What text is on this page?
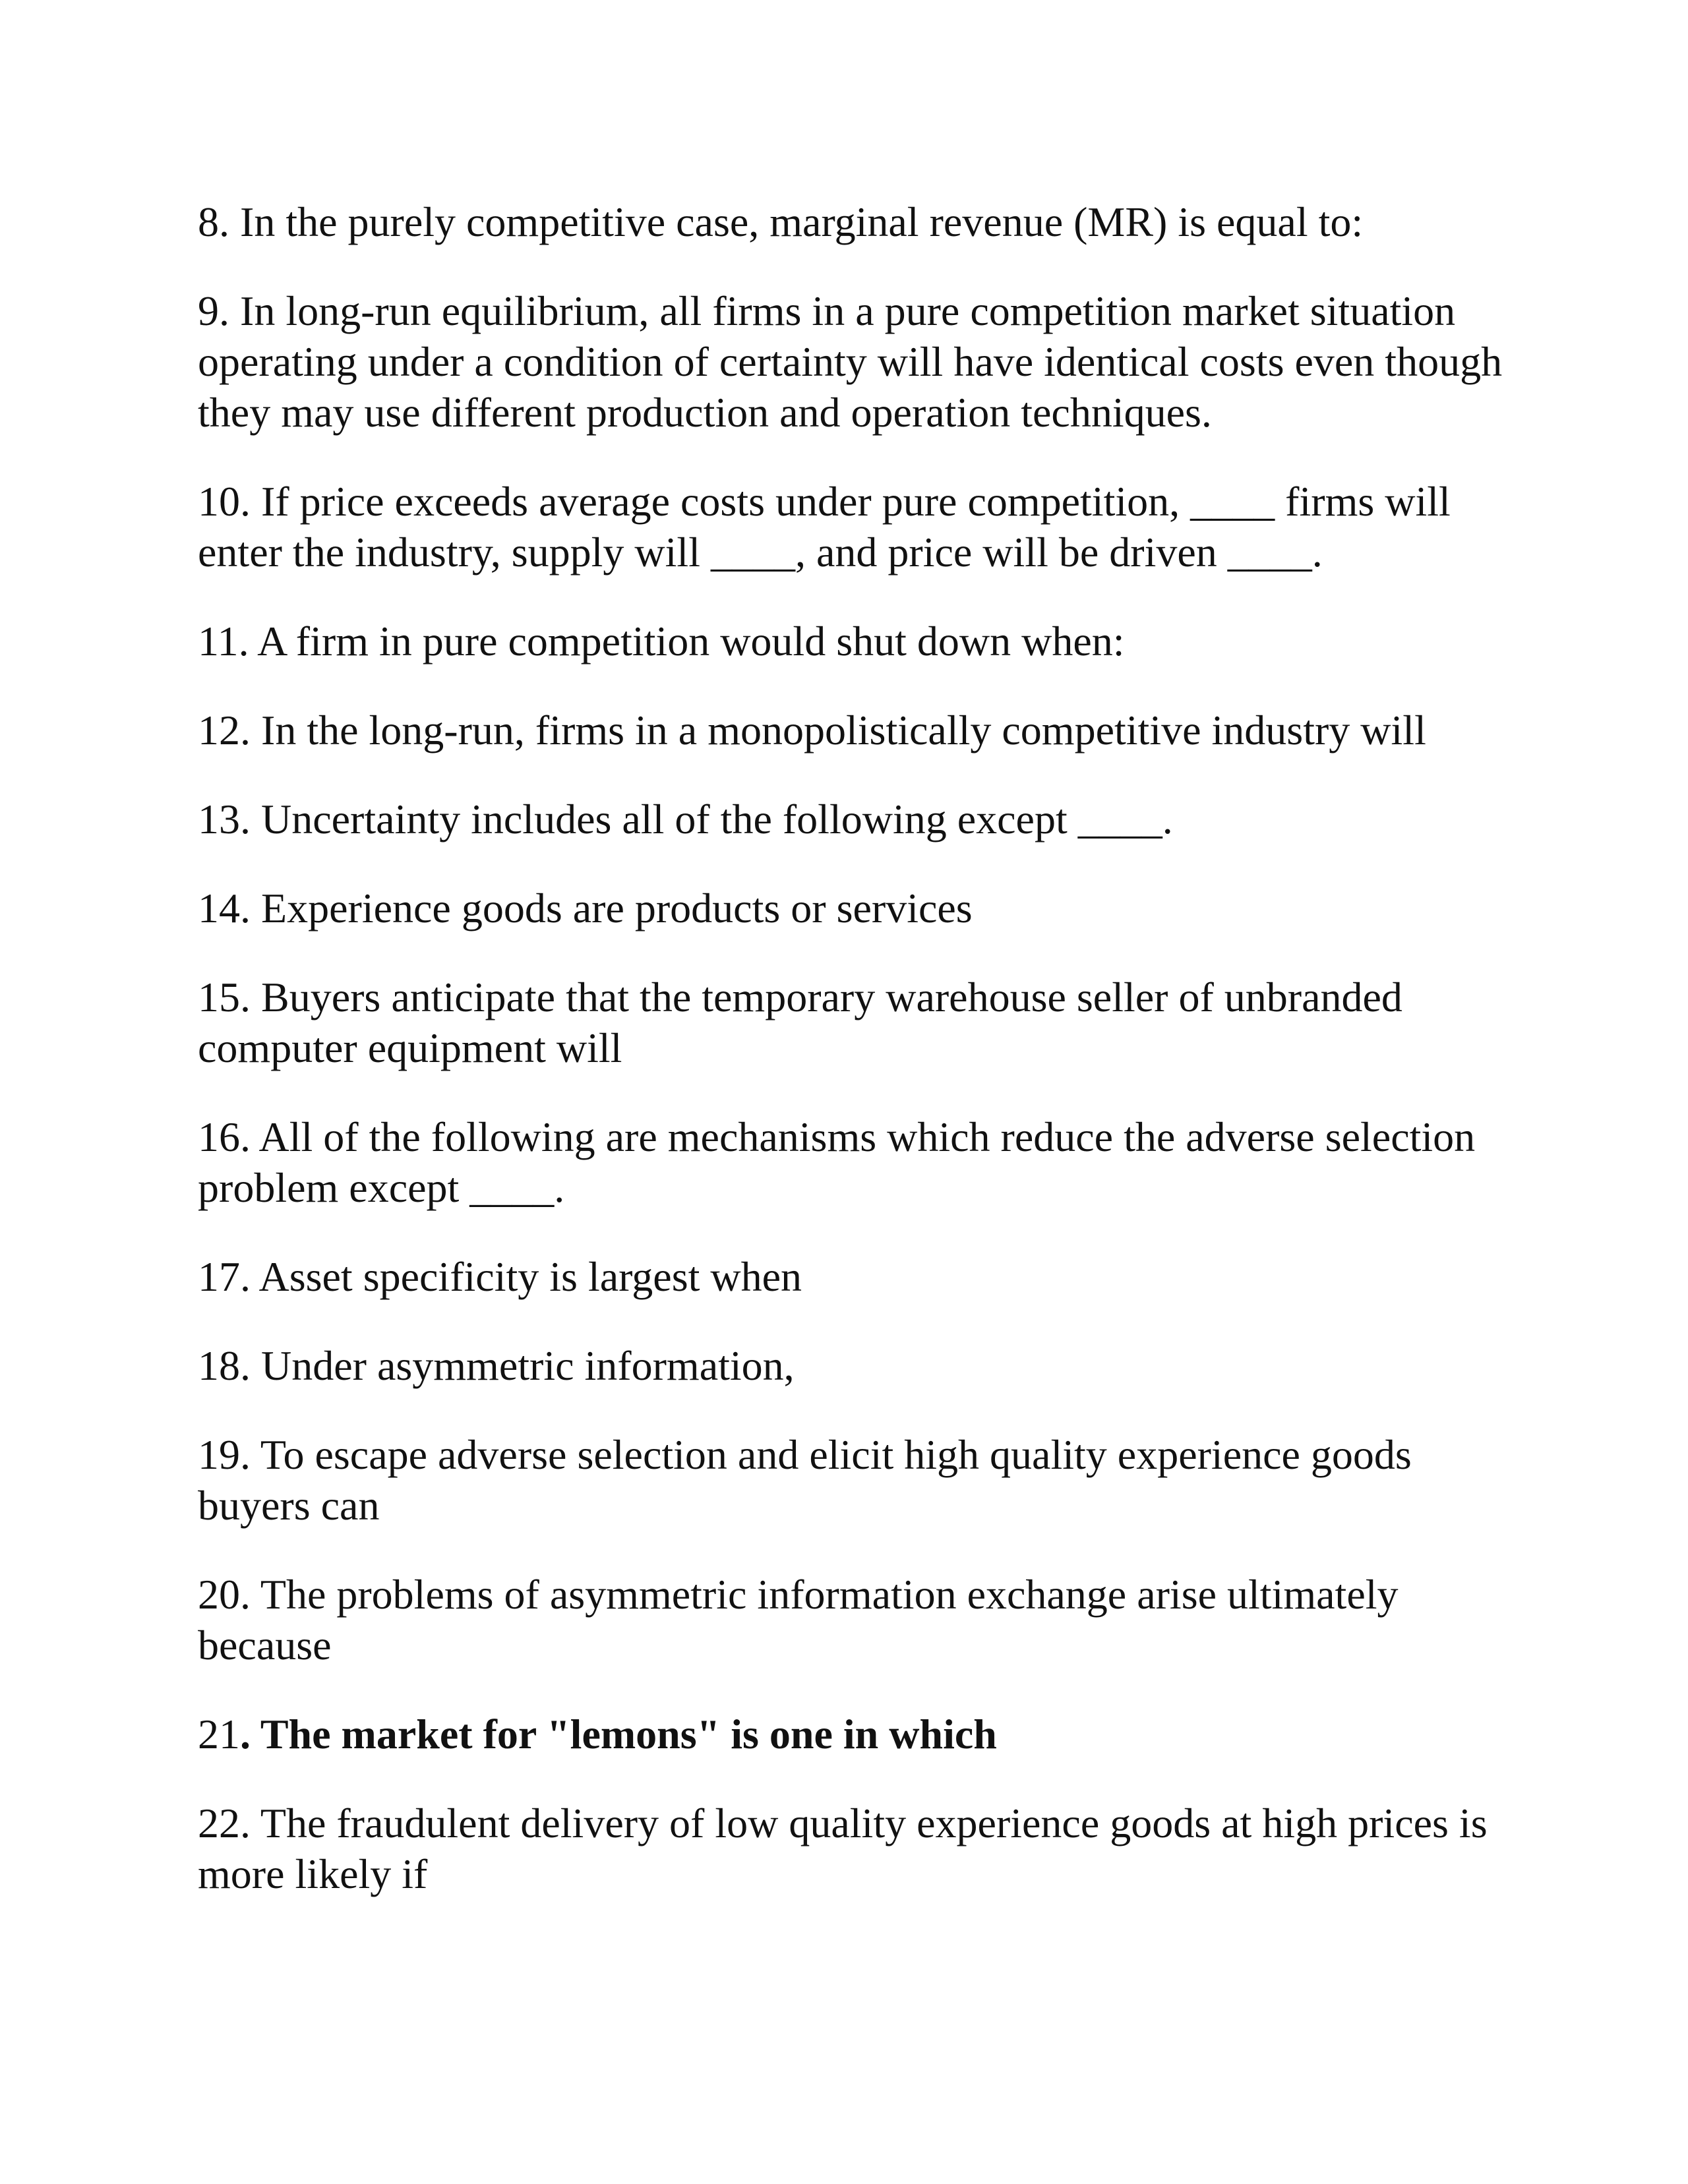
8. In the purely competitive case, marginal revenue (MR) is equal to:

9. In long-run equilibrium, all firms in a pure competition market situation operating under a condition of certainty will have identical costs even though they may use different production and operation techniques.

10. If price exceeds average costs under pure competition, ____ firms will enter the industry, supply will ____, and price will be driven ____.

11. A firm in pure competition would shut down when:

12. In the long-run, firms in a monopolistically competitive industry will

13. Uncertainty includes all of the following except ____.

14. Experience goods are products or services

15. Buyers anticipate that the temporary warehouse seller of unbranded computer equipment will

16. All of the following are mechanisms which reduce the adverse selection problem except ____.

17. Asset specificity is largest when

18. Under asymmetric information,

19. To escape adverse selection and elicit high quality experience goods buyers can

20. The problems of asymmetric information exchange arise ultimately because

21. The market for "lemons" is one in which

22. The fraudulent delivery of low quality experience goods at high prices is more likely if
